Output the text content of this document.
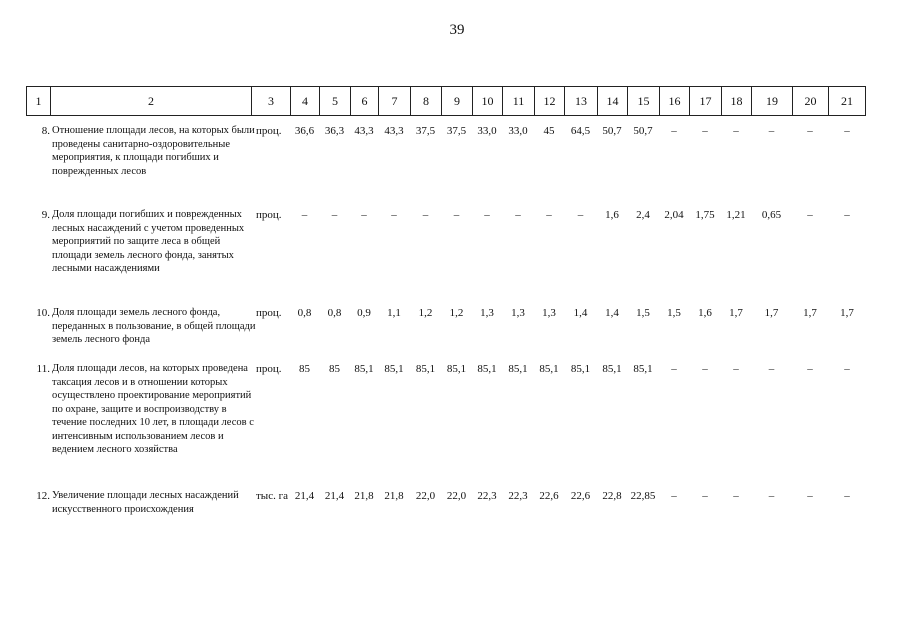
39
1	2	3	4	5	6	7	8	9	10	11	12	13	14	15	16	17	18	19	20	21
8. Отношение площади лесов, на которых были проведены санитарно-оздоровительные мероприятия, к площади погибших и поврежденных лесов
проц.	36,6 36,3 43,3 43,3	37,5	37,5	33,0	33,0	45	64,5	50,7	50,7	–	–	–	–	–	–
9. Доля площади погибших и поврежденных лесных насаждений с учетом проведенных мероприятий по защите леса в общей площади земель лесного фонда, занятых лесными насаждениями
проц.	–	–	–	–	–	–	–	–	–	–	1,6	2,4	2,04	1,75	1,21	0,65	–	–
10. Доля площади земель лесного фонда, переданных в пользование, в общей площади земель лесного фонда
проц.	0,8	0,8	0,9	1,1	1,2	1,2	1,3	1,3	1,3	1,4	1,4	1,5	1,5	1,6	1,7	1,7	1,7	1,7
11. Доля площади лесов, на которых проведена таксация лесов и в отношении которых осуществлено проектирование мероприятий по охране, защите и воспроизводству в течение последних 10 лет, в площади лесов с интенсивным использованием лесов и ведением лесного хозяйства
проц.	85	85	85,1 85,1	85,1	85,1	85,1	85,1	85,1	85,1	85,1	85,1	–	–	–	–	–	–
12. Увеличение площади лесных насаждений искусственного происхождения
тыс. га 21,4 21,4 21,8 21,8	22,0	22,0	22,3	22,3	22,6	22,6	22,8 22,85	–	–	–	–	–	–
